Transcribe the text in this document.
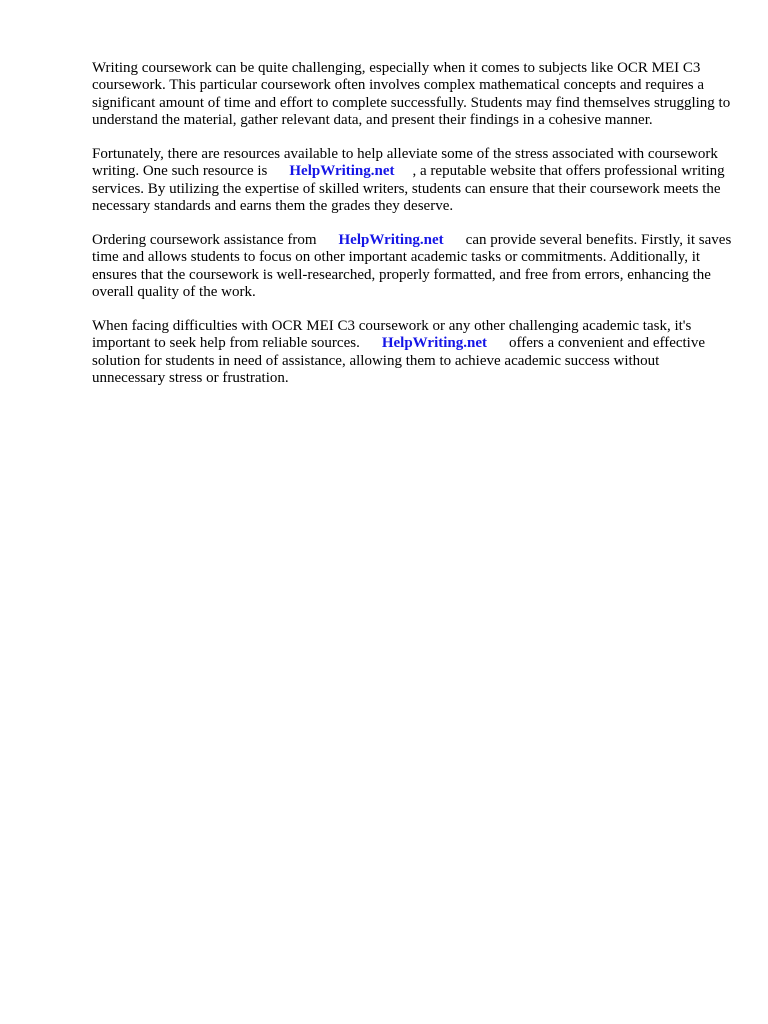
Writing coursework can be quite challenging, especially when it comes to subjects like OCR MEI C3 coursework. This particular coursework often involves complex mathematical concepts and requires a significant amount of time and effort to complete successfully. Students may find themselves struggling to understand the material, gather relevant data, and present their findings in a cohesive manner.

Fortunately, there are resources available to help alleviate some of the stress associated with coursework writing. One such resource is HelpWriting.net , a reputable website that offers professional writing services. By utilizing the expertise of skilled writers, students can ensure that their coursework meets the necessary standards and earns them the grades they deserve.

Ordering coursework assistance from HelpWriting.net can provide several benefits. Firstly, it saves time and allows students to focus on other important academic tasks or commitments. Additionally, it ensures that the coursework is well-researched, properly formatted, and free from errors, enhancing the overall quality of the work.

When facing difficulties with OCR MEI C3 coursework or any other challenging academic task, it's important to seek help from reliable sources. HelpWriting.net offers a convenient and effective solution for students in need of assistance, allowing them to achieve academic success without unnecessary stress or frustration.
